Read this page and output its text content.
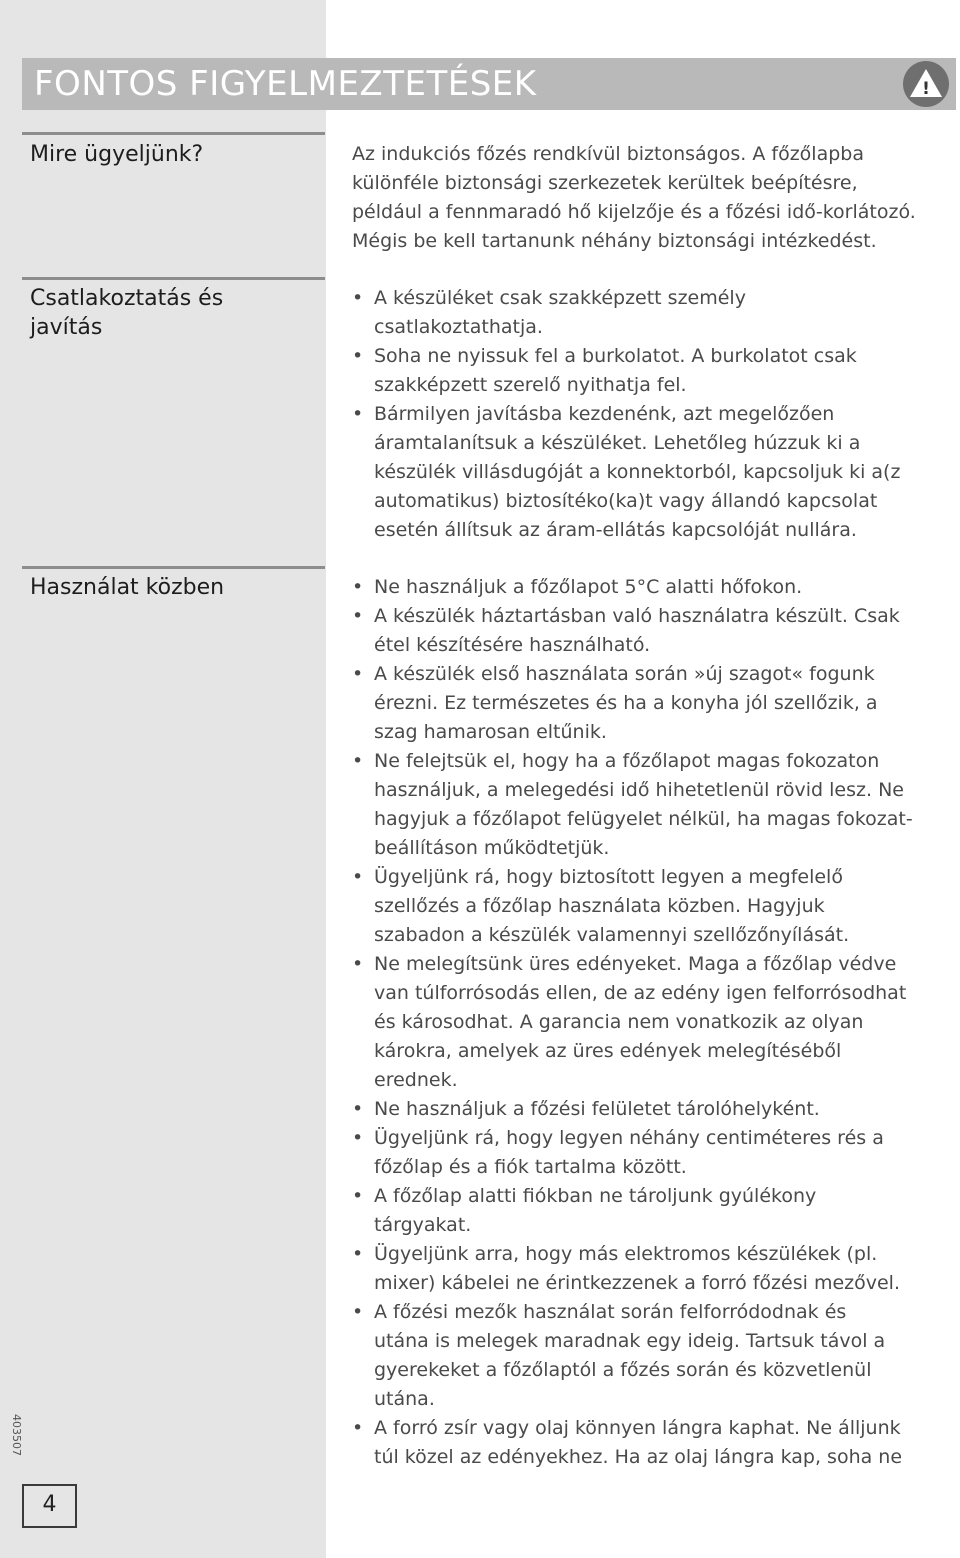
FONTOS FIGYELMEZTETÉSEK	!
Mire ügyeljünk?	Az indukciós főzés rendkívül biztonságos. A főzőlapba
különféle biztonsági szerkezetek kerültek beépítésre,
például a fennmaradó hő kijelzője és a főzési idő-korlátozó.
Mégis be kell tartanunk néhány biztonsági intézkedést.
Csatlakoztatás és
javítás
• A készüléket csak szakképzett személy
csatlakoztathatja.
• Soha ne nyissuk fel a burkolatot. A burkolatot csak
szakképzett szerelő nyithatja fel.
• Bármilyen javításba kezdenénk, azt megelőzően
áramtalanítsuk a készüléket. Lehetőleg húzzuk ki a
készülék villásdugóját a konnektorból, kapcsoljuk ki a(z
automatikus) biztosítéko(ka)t vagy állandó kapcsolat
esetén állítsuk az áram-ellátás kapcsolóját nullára.
Használat közben	• Ne használjuk a főzőlapot 5°C alatti hőfokon.
• A készülék háztartásban való használatra készült. Csak
étel készítésére használható.
• A készülék első használata során »új szagot« fogunk
érezni. Ez természetes és ha a konyha jól szellőzik, a
szag hamarosan eltűnik.
• Ne felejtsük el, hogy ha a főzőlapot magas fokozaton
használjuk, a melegedési idő hihetetlenül rövid lesz. Ne
hagyjuk a főzőlapot felügyelet nélkül, ha magas fokozat-
beállításon működtetjük.
• Ügyeljünk rá, hogy biztosított legyen a megfelelő
szellőzés a főzőlap használata közben. Hagyjuk
szabadon a készülék valamennyi szellőzőnyílását.
• Ne melegítsünk üres edényeket. Maga a főzőlap védve
van túlforrósodás ellen, de az edény igen felforrósodhat
és károsodhat. A garancia nem vonatkozik az olyan
károkra, amelyek az üres edények melegítéséből
erednek.
• Ne használjuk a főzési felületet tárolóhelyként.
• Ügyeljünk rá, hogy legyen néhány centiméteres rés a
főzőlap és a fiók tartalma között.
• A főzőlap alatti fiókban ne tároljunk gyúlékony
tárgyakat.
• Ügyeljünk arra, hogy más elektromos készülékek (pl.
mixer) kábelei ne érintkezzenek a forró főzési mezővel.
• A főzési mezők használat során felforródodnak és
utána is melegek maradnak egy ideig. Tartsuk távol a
gyerekeket a főzőlaptól a főzés során és közvetlenül
utána.
• A forró zsír vagy olaj könnyen lángra kaphat. Ne álljunk
túl közel az edényekhez. Ha az olaj lángra kap, soha ne
403507
4
